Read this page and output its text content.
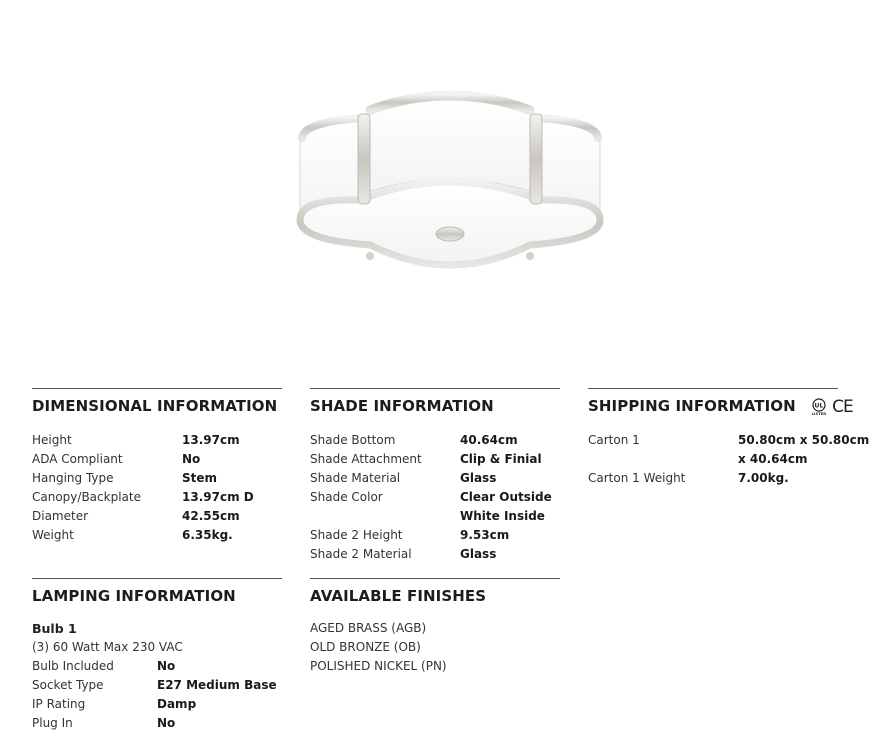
DIMENSIONAL INFORMATION
Height	13.97cm
ADA Compliant	No
Hanging Type	Stem
Canopy/Backplate	13.97cm D
Diameter	42.55cm
Weight	6.35kg.
SHADE INFORMATION
Shade Bottom	40.64cm
Shade Attachment	Clip & Finial
Shade Material	Glass
Shade Color	Clear Outside
White Inside
Shade 2 Height	9.53cm
Shade 2 Material	Glass
SHIPPING INFORMATION	UL
LISTED CE
Carton 1	50.80cm x 50.80cm
x 40.64cm
Carton 1 Weight	7.00kg.
LAMPING INFORMATION
Bulb 1
(3) 60 Watt Max 230 VAC
Bulb Included	No
Socket Type	E27 Medium Base
IP Rating	Damp
Plug In	No
AVAILABLE FINISHES
AGED BRASS (AGB)
OLD BRONZE (OB)
POLISHED NICKEL (PN)
